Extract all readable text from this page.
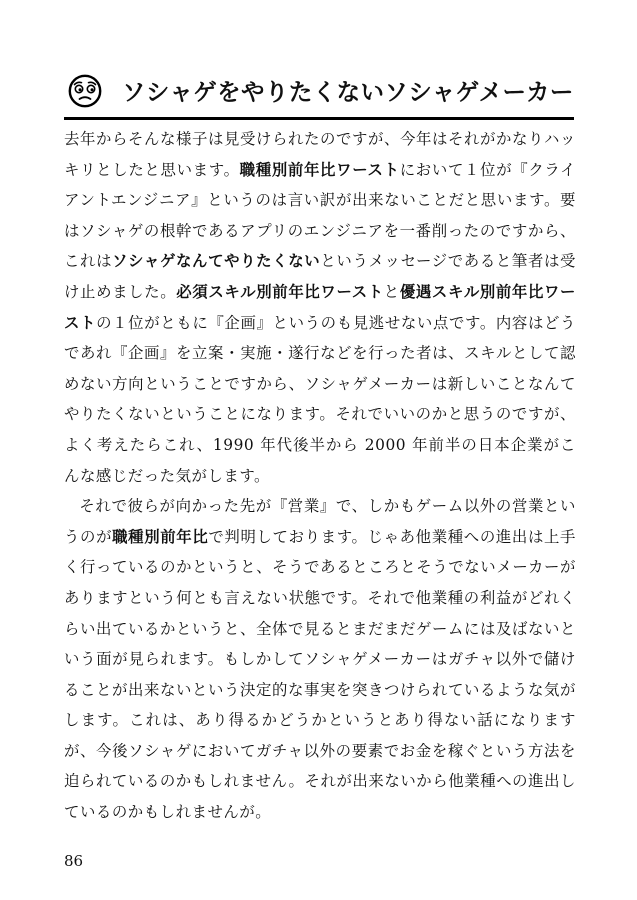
ソシャゲをやりたくないソシャゲメーカー

去年からそんな様子は見受けられたのですが、今年はそれがかなりハッキリとしたと思います。職種別前年比ワーストにおいて１位が『クライアントエンジニア』というのは言い訳が出来ないことだと思います。要はソシャゲの根幹であるアプリのエンジニアを一番削ったのですから、これはソシャゲなんてやりたくないというメッセージであると筆者は受け止めました。必須スキル別前年比ワーストと優遇スキル別前年比ワーストの１位がともに『企画』というのも見逃せない点です。内容はどうであれ『企画』を立案・実施・遂行などを行った者は、スキルとして認めない方向ということですから、ソシャゲメーカーは新しいことなんてやりたくないということになります。それでいいのかと思うのですが、よく考えたらこれ、1990 年代後半から 2000 年前半の日本企業がこんな感じだった気がします。

それで彼らが向かった先が『営業』で、しかもゲーム以外の営業というのが職種別前年比で判明しております。じゃあ他業種への進出は上手く行っているのかというと、そうであるところとそうでないメーカーがありますという何とも言えない状態です。それで他業種の利益がどれくらい出ているかというと、全体で見るとまだまだゲームには及ばないという面が見られます。もしかしてソシャゲメーカーはガチャ以外で儲けることが出来ないという決定的な事実を突きつけられているような気がします。これは、あり得るかどうかというとあり得ない話になりますが、今後ソシャゲにおいてガチャ以外の要素でお金を稼ぐという方法を迫られているのかもしれません。それが出来ないから他業種への進出しているのかもしれませんが。

86
